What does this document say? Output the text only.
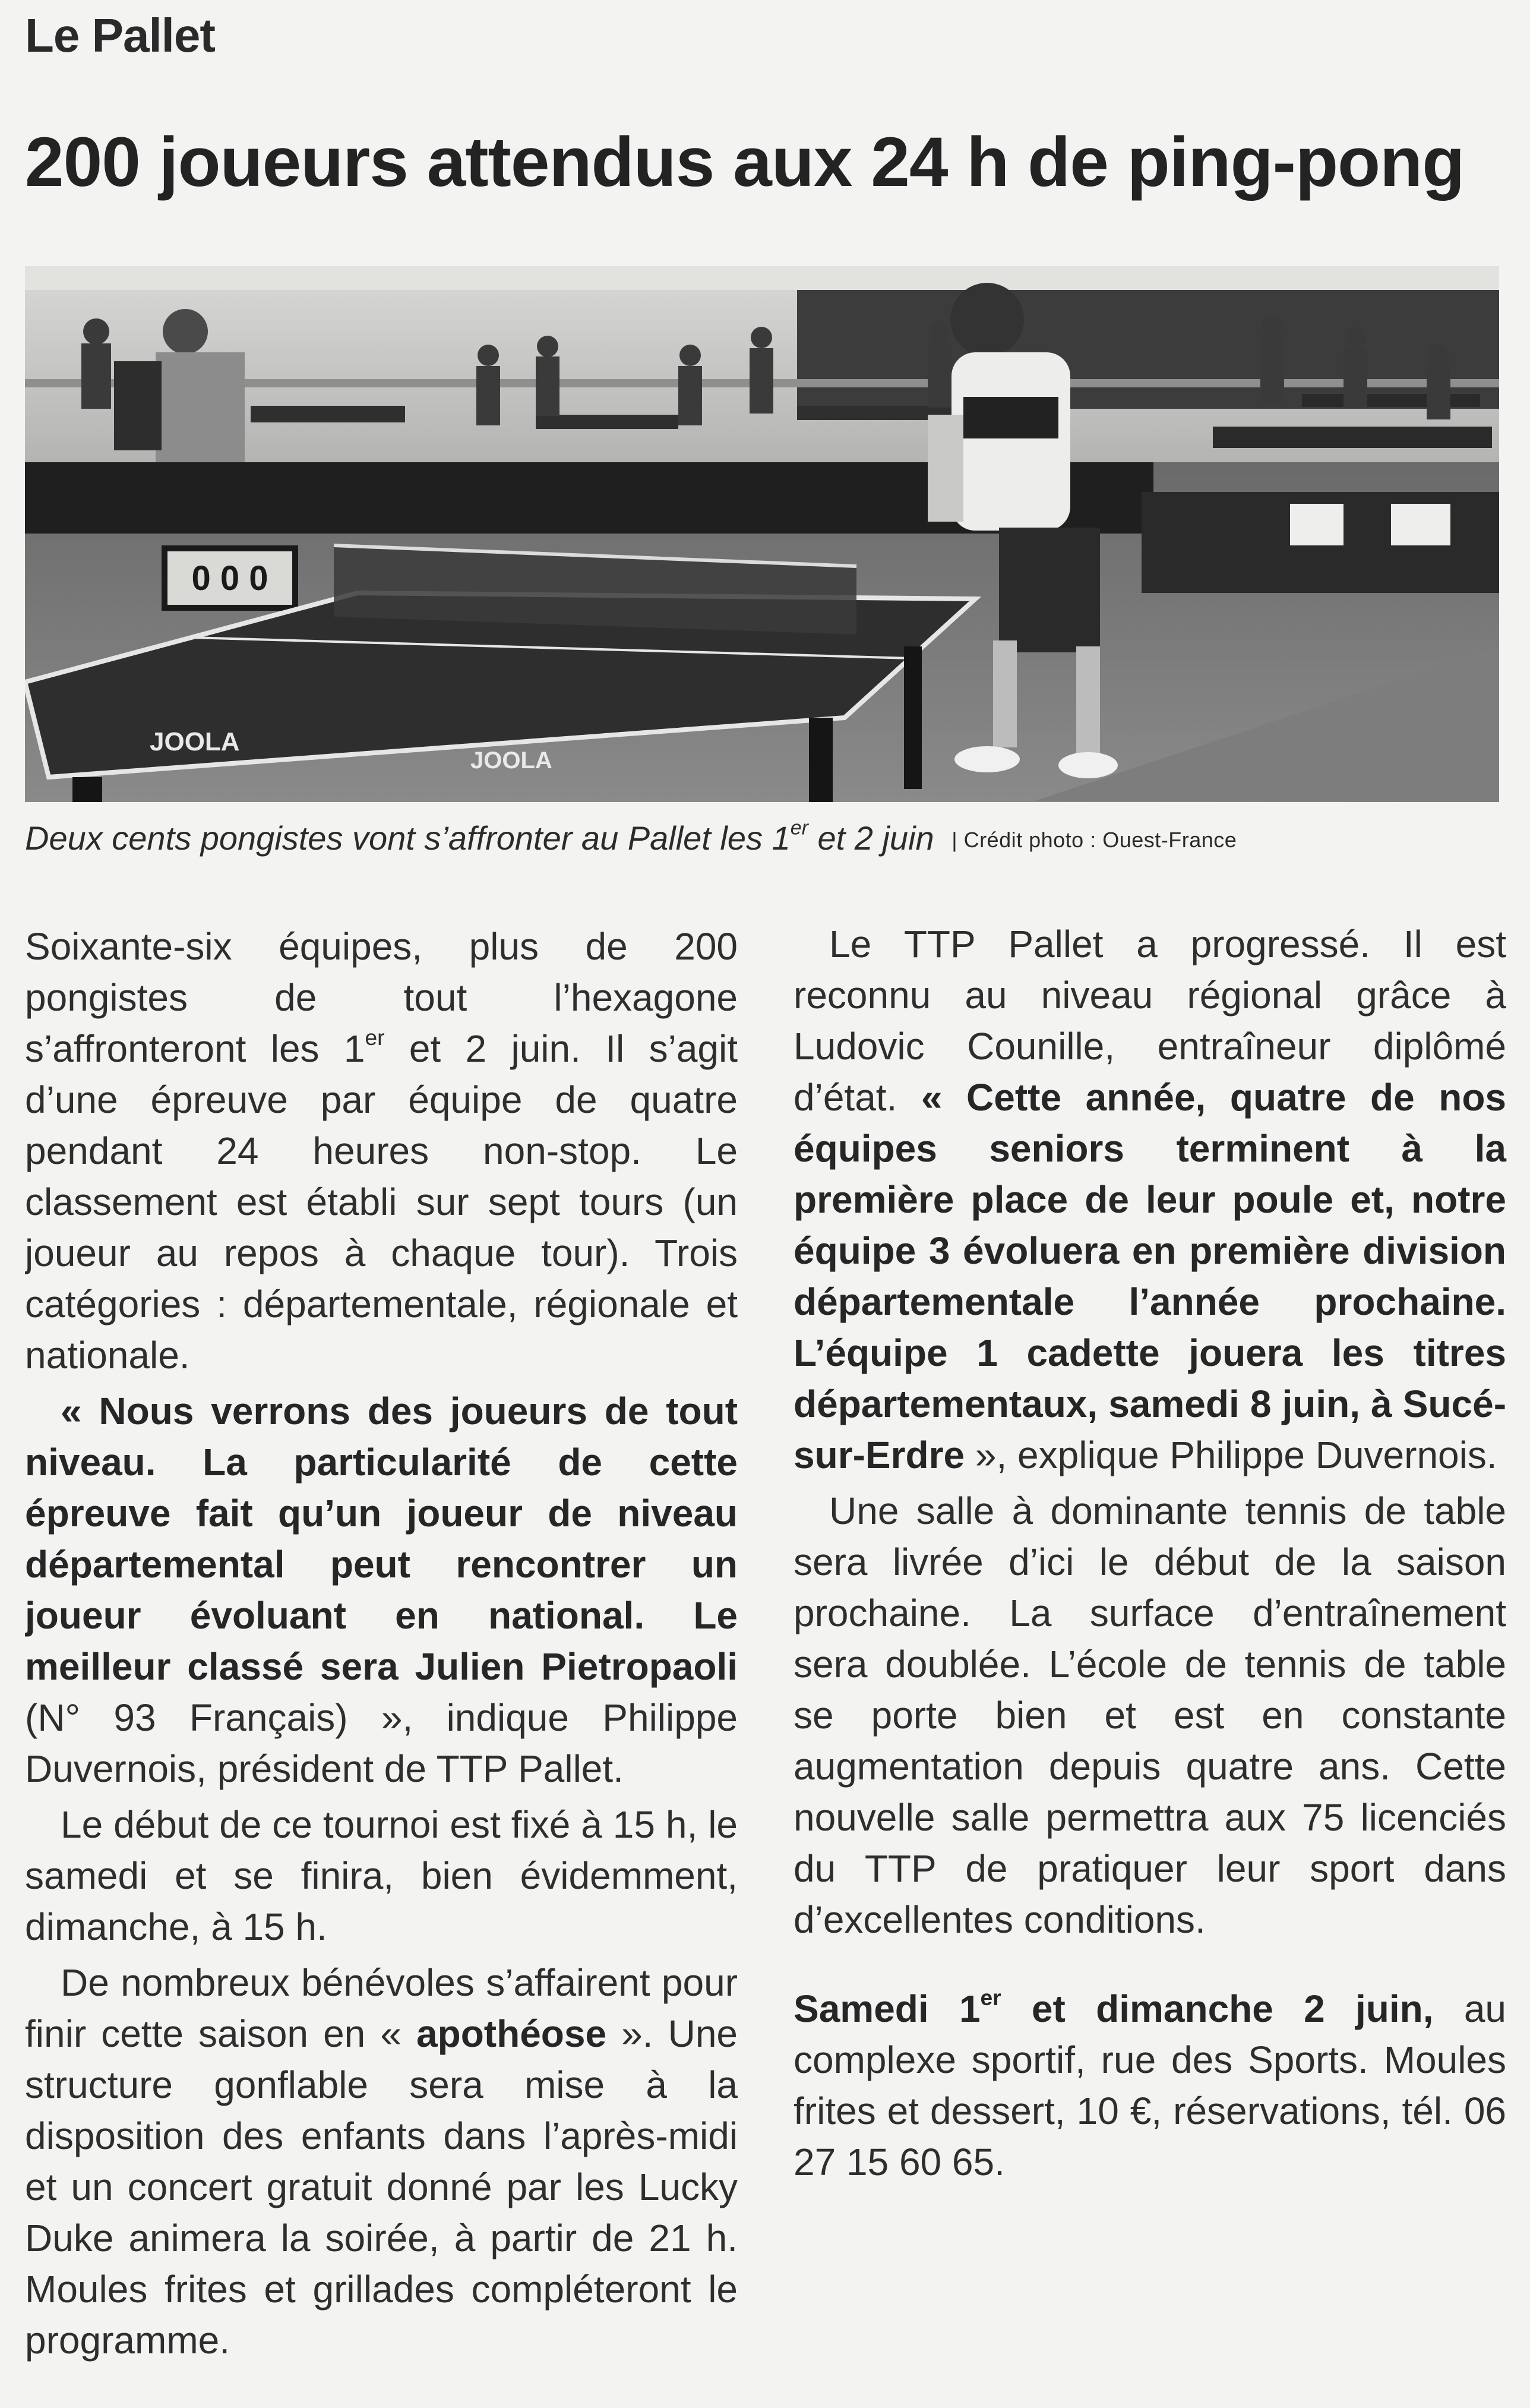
Le Pallet
200 joueurs attendus aux 24 h de ping-pong
0 0 0
JOOLA
JOOLA
Deux cents pongistes vont s’affronter au Pallet les 1er et 2 juin | Crédit photo : Ouest-France

Soixante-six équipes, plus de 200 pongistes de tout l’hexagone s’affronteront les 1er et 2 juin. Il s’agit d’une épreuve par équipe de quatre pendant 24 heures non-stop. Le classement est établi sur sept tours (un joueur au repos à chaque tour). Trois catégories : départementale, régionale et nationale.

« Nous verrons des joueurs de tout niveau. La particularité de cette épreuve fait qu’un joueur de niveau départemental peut rencontrer un joueur évoluant en national. Le meilleur classé sera Julien Pietropaoli (N° 93 Français) », indique Philippe Duvernois, président de TTP Pallet.

Le début de ce tournoi est fixé à 15 h, le samedi et se finira, bien évidemment, dimanche, à 15 h.

De nombreux bénévoles s’affairent pour finir cette saison en « apothéose ». Une structure gonflable sera mise à la disposition des enfants dans l’après-midi et un concert gratuit donné par les Lucky Duke animera la soirée, à partir de 21 h. Moules frites et grillades compléteront le programme.

Le TTP Pallet a progressé. Il est reconnu au niveau régional grâce à Ludovic Counille, entraîneur diplômé d’état. « Cette année, quatre de nos équipes seniors terminent à la première place de leur poule et, notre équipe 3 évoluera en première division départementale l’année prochaine. L’équipe 1 cadette jouera les titres départementaux, samedi 8 juin, à Sucé-sur-Erdre », explique Philippe Duvernois.

Une salle à dominante tennis de table sera livrée d’ici le début de la saison prochaine. La surface d’entraînement sera doublée. L’école de tennis de table se porte bien et est en constante augmentation depuis quatre ans. Cette nouvelle salle permettra aux 75 licenciés du TTP de pratiquer leur sport dans d’excellentes conditions.

Samedi 1er et dimanche 2 juin, au complexe sportif, rue des Sports. Moules frites et dessert, 10 €, réservations, tél. 06 27 15 60 65.
